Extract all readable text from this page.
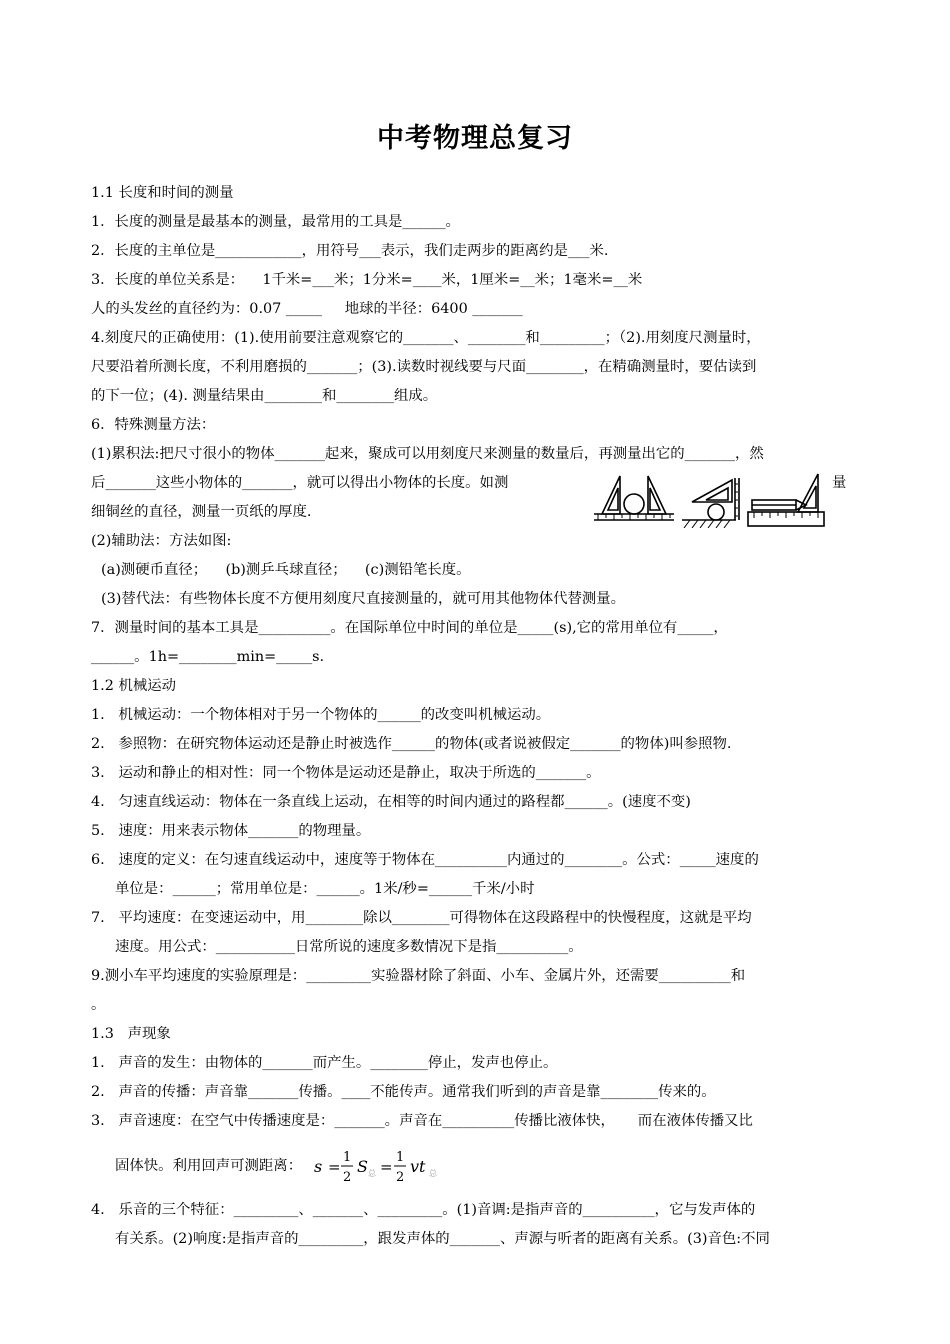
中考物理总复习
1.1 长度和时间的测量
1．长度的测量是最基本的测量，最常用的工具是______。
2．长度的主单位是____________，用符号___表示，我们走两步的距离约是___米.
3．长度的单位关系是：    1千米=___米；1分米=____米，1厘米=__米；1毫米=__米
人的头发丝的直径约为：0.07 _____     地球的半径：6400 _______
4.刻度尺的正确使用：(1).使用前要注意观察它的_______、________和_________；（2).用刻度尺测量时，
尺要沿着所测长度，不利用磨损的_______；(3).读数时视线要与尺面________，在精确测量时，要估读到
的下一位；(4). 测量结果由________和________组成。
6．特殊测量方法：
(1)累积法:把尺寸很小的物体_______起来，聚成可以用刻度尺来测量的数量后，再测量出它的_______，然
后_______这些小物体的_______，就可以得出小物体的长度。如测	量
细铜丝的直径，测量一页纸的厚度.
(2)辅助法：方法如图:
(a)测硬币直径；    (b)测乒乓球直径；    (c)测铅笔长度。
(3)替代法：有些物体长度不方便用刻度尺直接测量的，就可用其他物体代替测量。
7．测量时间的基本工具是__________。在国际单位中时间的单位是_____(s),它的常用单位有_____，
______。1h=________min=_____s.
1.2 机械运动
1.   机械运动：一个物体相对于另一个物体的______的改变叫机械运动。
2.   参照物：在研究物体运动还是静止时被选作______的物体(或者说被假定_______的物体)叫参照物.
3.   运动和静止的相对性：同一个物体是运动还是静止，取决于所选的_______。
4.   匀速直线运动：物体在一条直线上运动，在相等的时间内通过的路程都______。(速度不变)
5.   速度：用来表示物体_______的物理量。
6.   速度的定义：在匀速直线运动中，速度等于物体在__________内通过的________。公式：_____速度的
单位是：______；常用单位是：______。1米/秒=______千米/小时
7.   平均速度：在变速运动中，用________除以________可得物体在这段路程中的快慢程度，这就是平均
速度。用公式：___________日常所说的速度多数情况下是指__________。
9.测小车平均速度的实验原理是：_________实验器材除了斜面、小车、金属片外，还需要__________和
。
1.3   声现象
1.   声音的发生：由物体的_______而产生。________停止，发声也停止。
2.   声音的传播：声音靠_______传播。____不能传声。通常我们听到的声音是靠________传来的。
3.   声音速度：在空气中传播速度是：_______。声音在__________传播比液体快，     而在液体传播又比
固体快。利用回声可测距离： s =
1
2
S 总 =
1
2
vt 总
4.   乐音的三个特征：_________、_______、_________。(1)音调:是指声音的__________，它与发声体的
有关系。(2)响度:是指声音的_________，跟发声体的_______、声源与听者的距离有关系。(3)音色:不同
